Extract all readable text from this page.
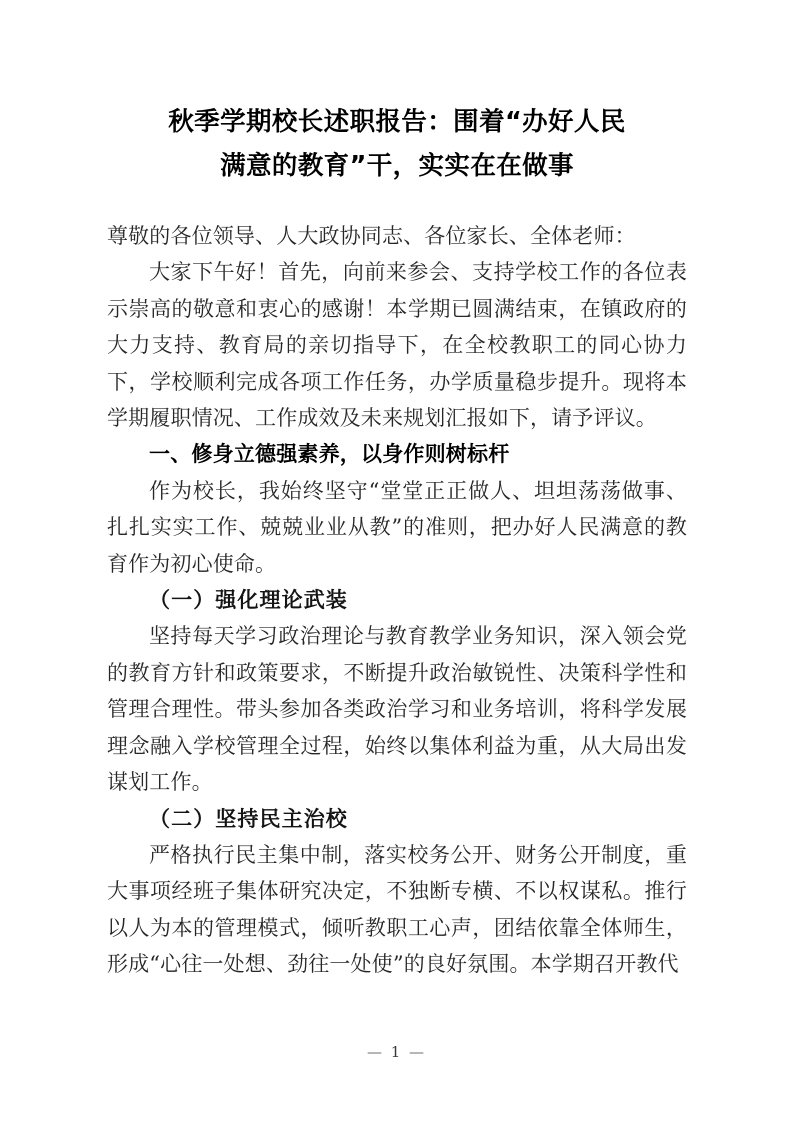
秋季学期校长述职报告：围着“办好人民
满意的教育”干，实实在在做事

尊敬的各位领导、人大政协同志、各位家长、全体老师：

大家下午好！首先，向前来参会、支持学校工作的各位表示崇高的敬意和衷心的感谢！本学期已圆满结束，在镇政府的大力支持、教育局的亲切指导下，在全校教职工的同心协力下，学校顺利完成各项工作任务，办学质量稳步提升。现将本学期履职情况、工作成效及未来规划汇报如下，请予评议。

一、修身立德强素养，以身作则树标杆

作为校长，我始终坚守“堂堂正正做人、坦坦荡荡做事、扎扎实实工作、兢兢业业从教”的准则，把办好人民满意的教育作为初心使命。

（一）强化理论武装

坚持每天学习政治理论与教育教学业务知识，深入领会党的教育方针和政策要求，不断提升政治敏锐性、决策科学性和管理合理性。带头参加各类政治学习和业务培训，将科学发展理念融入学校管理全过程，始终以集体利益为重，从大局出发谋划工作。

（二）坚持民主治校

严格执行民主集中制，落实校务公开、财务公开制度，重大事项经班子集体研究决定，不独断专横、不以权谋私。推行以人为本的管理模式，倾听教职工心声，团结依靠全体师生，形成“心往一处想、劲往一处使”的良好氛围。本学期召开教代

— 1 —
